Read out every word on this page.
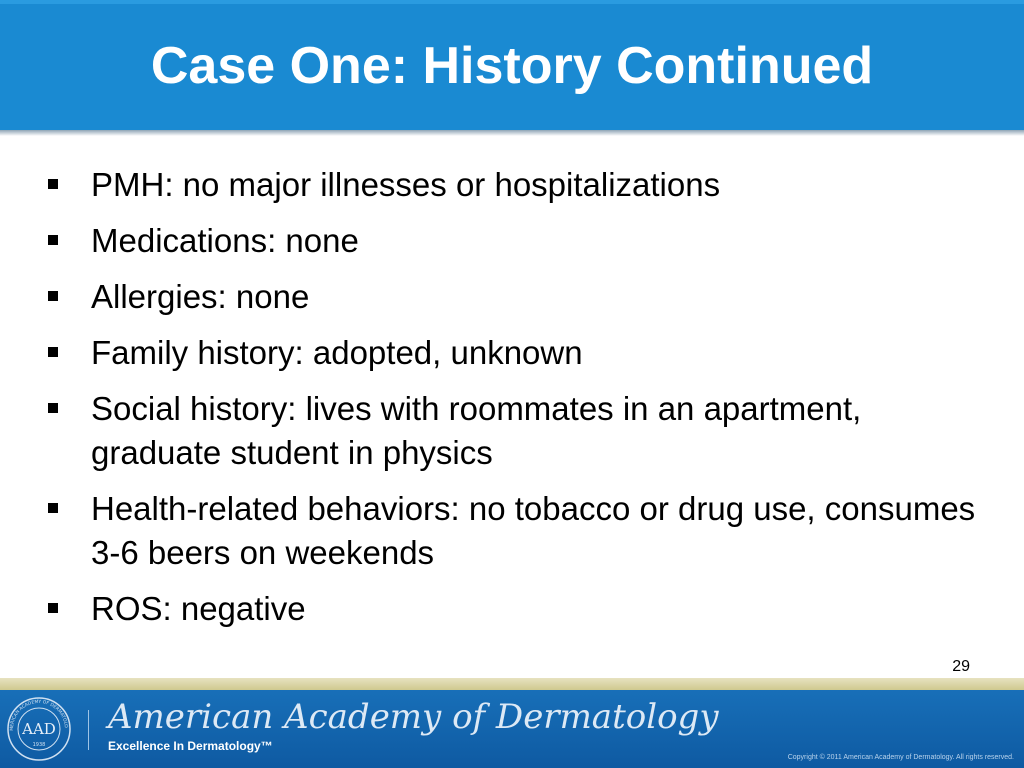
Case One: History Continued
PMH: no major illnesses or hospitalizations
Medications: none
Allergies: none
Family history: adopted, unknown
Social history: lives with roommates in an apartment, graduate student in physics
Health-related behaviors: no tobacco or drug use, consumes 3-6 beers on weekends
ROS: negative
29
AAD
1938
MERICAN ACADEMY OF DERMATOLO American Academy of Dermatology
Excellence In Dermatology™
Copyright © 2011 American Academy of Dermatology. All rights reserved.
